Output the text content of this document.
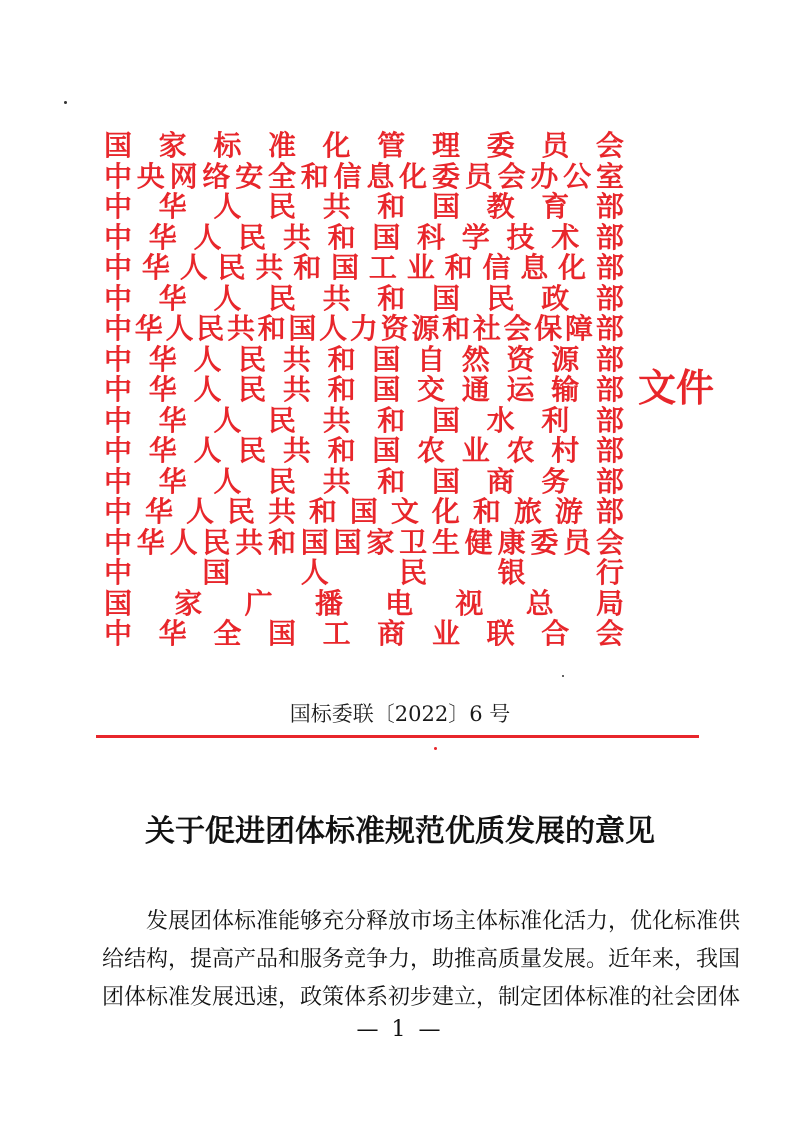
国 家 标 准 化 管 理 委 员 会
中 央 网 络 安 全 和 信 息 化 委 员 会 办 公 室
中 华 人 民 共 和 国 教 育 部
中 华 人 民 共 和 国 科 学 技 术 部
中 华 人 民 共 和 国 工 业 和 信 息 化 部
中 华 人 民 共 和 国 民 政 部
中 华 人 民 共 和 国 人 力 资 源 和 社 会 保 障 部
中 华 人 民 共 和 国 自 然 资 源 部
中 华 人 民 共 和 国 交 通 运 输 部
中 华 人 民 共 和 国 水 利 部
中 华 人 民 共 和 国 农 业 农 村 部
中 华 人 民 共 和 国 商 务 部
中 华 人 民 共 和 国 文 化 和 旅 游 部
中 华 人 民 共 和 国 国 家 卫 生 健 康 委 员 会
中	国	人	民	银	行
国 家 广 播 电 视 总 局
中 华 全 国 工 商 业 联 合 会
文件
国标委联〔2022〕6 号
关于促进团体标准规范优质发展的意见
发展团体标准能够充分释放市场主体标准化活力，优化标准供
给结构，提高产品和服务竞争力，助推高质量发展。近年来，我国
团体标准发展迅速，政策体系初步建立，制定团体标准的社会团体
— 1 —
